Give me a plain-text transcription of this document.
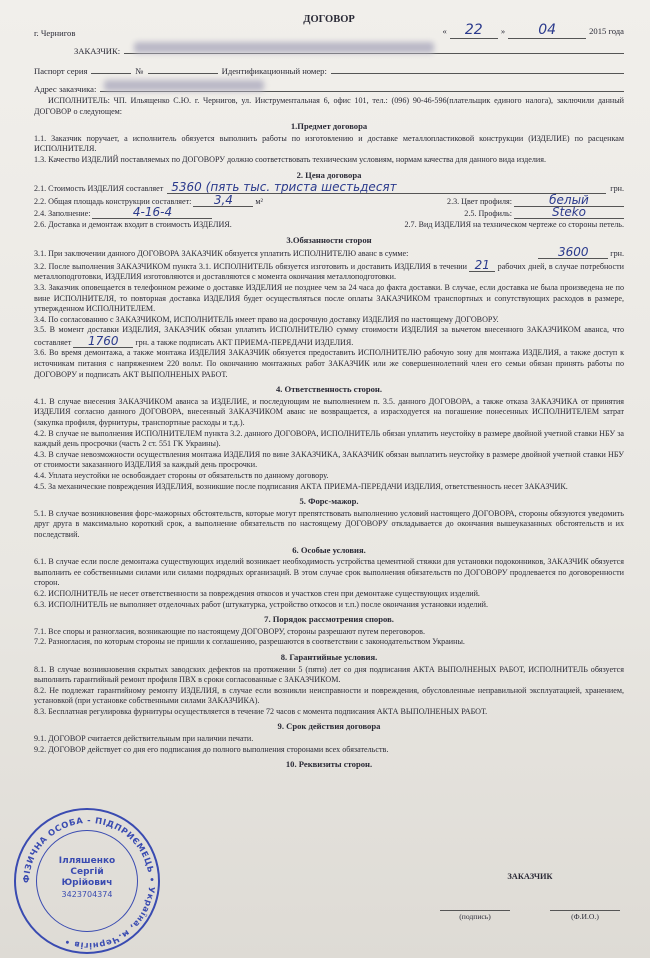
ДОГОВОР
г. Чернигов	«	22	»	04	2015 года
ЗАКАЗЧИК:
Паспорт серия	№	Идентификационный номер:
Адрес заказчика:

ИСПОЛНИТЕЛЬ: ЧП. Ильященко С.Ю. г. Чернигов, ул. Инструментальная 6, офис 101, тел.: (096) 90-46-596(плательщик единого налога), заключили данный ДОГОВОР о следующем:

1.Предмет договора

1.1. Заказчик поручает, а исполнитель обязуется выполнить работы по изготовлению и доставке металлопластиковой конструкции (ИЗДЕЛИЕ) по расценкам ИСПОЛНИТЕЛЯ.

1.3. Качество ИЗДЕЛИЙ поставляемых по ДОГОВОРУ должно соответствовать техническим условиям, нормам качества для данного вида изделия.

2. Цена договора
2.1. Стоимость ИЗДЕЛИЯ составляет 5360 (пять тыс. триста шестьдесят	грн.
2.2. Общая площадь конструкции составляет: 3,4	м²	2.3. Цвет профиля:	белый
2.4. Заполнение:	4-16-4	2.5. Профиль:	Steko
2.6. Доставка и демонтаж входит в стоимость ИЗДЕЛИЯ.	2.7. Вид ИЗДЕЛИЯ на техническом чертеже со стороны петель.
3.Обязанности сторон
3.1. При заключении данного ДОГОВОРА ЗАКАЗЧИК обязуется уплатить ИСПОЛНИТЕЛЮ аванс в сумме:	3600	грн.

3.2. После выполнения ЗАКАЗЧИКОМ пункта 3.1. ИСПОЛНИТЕЛЬ обязуется изготовить и доставить ИЗДЕЛИЯ в течении 21 рабочих дней, в случае потребности металлоподготовки, ИЗДЕЛИЯ изготовляются и доставляются с момента окончания металлоподготовки.

3.3. Заказчик оповещается в телефонном режиме о доставке ИЗДЕЛИЯ не позднее чем за 24 часа до факта доставки. В случае, если доставка не была произведена не по вине ИСПОЛНИТЕЛЯ, то повторная доставка ИЗДЕЛИЯ будет осуществляться после оплаты ЗАКАЗЧИКОМ транспортных и сопутствующих расходов в размере, утвержденном ИСПОЛНИТЕЛЕМ.

3.4. По согласованию с ЗАКАЗЧИКОМ, ИСПОЛНИТЕЛЬ имеет право на досрочную доставку ИЗДЕЛИЯ по настоящему ДОГОВОРУ.

3.5. В момент доставки ИЗДЕЛИЯ, ЗАКАЗЧИК обязан уплатить ИСПОЛНИТЕЛЮ сумму стоимости ИЗДЕЛИЯ за вычетом внесенного ЗАКАЗЧИКОМ аванса, что составляет 1760 грн. а также подписать АКТ ПРИЕМА-ПЕРЕДАЧИ ИЗДЕЛИЯ.

3.6. Во время демонтажа, а также монтажа ИЗДЕЛИЯ ЗАКАЗЧИК обязуется предоставить ИСПОЛНИТЕЛЮ рабочую зону для монтажа ИЗДЕЛИЯ, а также доступ к источникам питания с напряжением 220 вольт. По окончанию монтажных работ ЗАКАЗЧИК или же совершеннолетний член его семьи обязан принять работы по ДОГОВОРУ и подписать АКТ ВЫПОЛНЕНЫХ РАБОТ.

4. Ответственность сторон.

4.1. В случае внесения ЗАКАЗЧИКОМ аванса за ИЗДЕЛИЕ, и последующим не выполнением п. 3.5. данного ДОГОВОРА, а также отказа ЗАКАЗЧИКА от принятия ИЗДЕЛИЯ согласно данного ДОГОВОРА, внесенный ЗАКАЗЧИКОМ аванс не возвращается, а израсходуется на погашение понесенных ИСПОЛНИТЕЛЕМ затрат (закупка профиля, фурнитуры, транспортные расходы и т.д.).

4.2. В случае не выполнения ИСПОЛНИТЕЛЕМ пункта 3.2. данного ДОГОВОРА, ИСПОЛНИТЕЛЬ обязан уплатить неустойку в размере двойной учетной ставки НБУ за каждый день просрочки (часть 2 ст. 551 ГК Украины).

4.3. В случае невозможности осуществления монтажа ИЗДЕЛИЯ по вине ЗАКАЗЧИКА, ЗАКАЗЧИК обязан выплатить неустойку в размере двойной учетной ставки НБУ от стоимости заказанного ИЗДЕЛИЯ за каждый день просрочки.

4.4. Уплата неустойки не освобождает стороны от обязательств по данному договору.

4.5. За механические повреждения ИЗДЕЛИЯ, возникшие после подписания АКТА ПРИЕМА-ПЕРЕДАЧИ ИЗДЕЛИЯ, ответственность несет ЗАКАЗЧИК.

5. Форс-мажор.

5.1. В случае возникновения форс-мажорных обстоятельств, которые могут препятствовать выполнению условий настоящего ДОГОВОРА, стороны обязуются уведомить друг друга в максимально короткий срок, а выполнение обязательств по настоящему ДОГОВОРУ откладывается до окончания вышеуказанных обстоятельств и их последствий.

6. Особые условия.

6.1. В случае если после демонтажа существующих изделий возникает необходимость устройства цементной стяжки для установки подоконников, ЗАКАЗЧИК обязуется выполнить ее собственными силами или силами подрядных организаций. В этом случае срок выполнения обязательств по ДОГОВОРУ продлевается по договоренности сторон.

6.2. ИСПОЛНИТЕЛЬ не несет ответственности за повреждения откосов и участков стен при демонтаже существующих изделий.

6.3. ИСПОЛНИТЕЛЬ не выполняет отделочных работ (штукатурка, устройство откосов и т.п.) после окончания установки изделий.

7. Порядок рассмотрения споров.

7.1. Все споры и разногласия, возникающие по настоящему ДОГОВОРУ, стороны разрешают путем переговоров.

7.2. Разногласия, по которым стороны не пришли к соглашению, разрешаются в соответствии с законодательством Украины.

8. Гарантийные условия.

8.1. В случае возникновения скрытых заводских дефектов на протяжении 5 (пяти) лет со дня подписания АКТА ВЫПОЛНЕНЫХ РАБОТ, ИСПОЛНИТЕЛЬ обязуется выполнить гарантийный ремонт профиля ПВХ в сроки согласованные с ЗАКАЗЧИКОМ.

8.2. Не подлежат гарантийному ремонту ИЗДЕЛИЯ, в случае если возникли неисправности и повреждения, обусловленные неправильной эксплуатацией, хранением, установкой (при установке собственными силами ЗАКАЗЧИКА).

8.3. Бесплатная регулировка фурнитуры осуществляется в течение 72 часов с момента подписания АКТА ВЫПОЛНЕНЫХ РАБОТ.

9. Срок действия договора

9.1. ДОГОВОР считается действительным при наличии печати.

9.2. ДОГОВОР действует со дня его подписания до полного выполнения сторонами всех обязательств.

10. Реквизиты сторон.
ФІЗИЧНА ОСОБА - ПІДПРИЄМЕЦЬ • Україна, м.Чернігів •
Ілляшенко
Сергій
Юрійович
3423704374
ЗАКАЗЧИК
(подпись)	(Ф.И.О.)
